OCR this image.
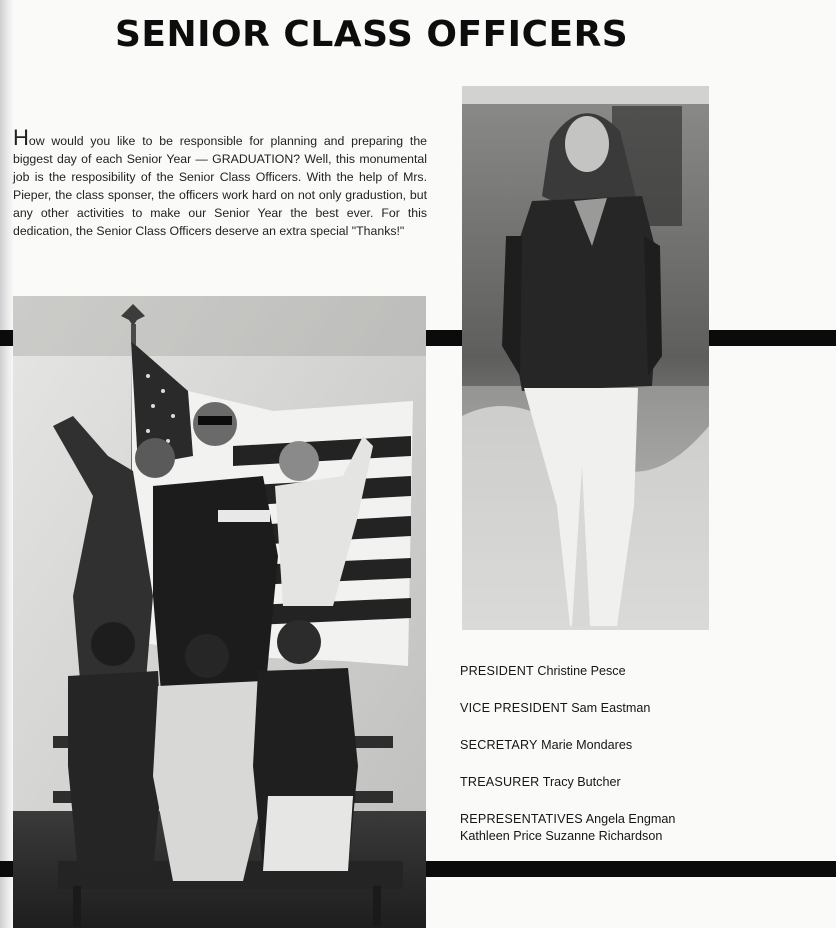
SENIOR CLASS OFFICERS
How would you like to be responsible for planning and preparing the biggest day of each Senior Year — GRADUATION? Well, this monumental job is the resposibility of the Senior Class Officers. With the help of Mrs. Pieper, the class sponser, the officers work hard on not only gradustion, but any other activities to make our Senior Year the best ever. For this dedication, the Senior Class Officers deserve an extra special "Thanks!"
PRESIDENT Christine Pesce
VICE PRESIDENT Sam Eastman
SECRETARY Marie Mondares
TREASURER Tracy Butcher
REPRESENTATIVES Angela Engman
Kathleen Price Suzanne Richardson
